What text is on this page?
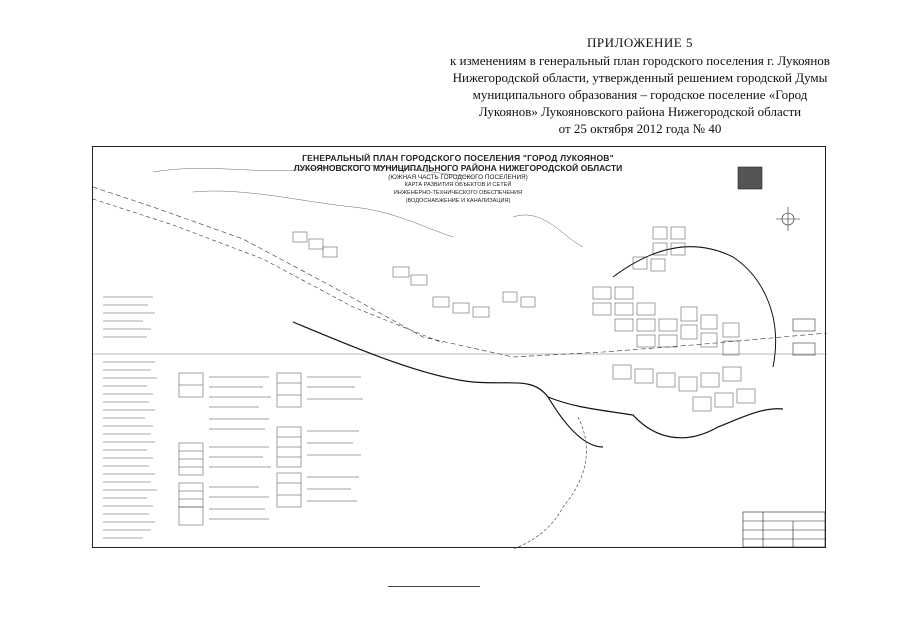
ПРИЛОЖЕНИЕ 5
к изменениям в генеральный план городского поселения г. Лукоянов
Нижегородской области, утвержденный решением городской Думы
муниципального образования – городское поселение «Город
Лукоянов» Лукояновского района Нижегородской области
от 25 октября 2012 года № 40
ГЕНЕРАЛЬНЫЙ ПЛАН ГОРОДСКОГО ПОСЕЛЕНИЯ "ГОРОД ЛУКОЯНОВ"
ЛУКОЯНОВСКОГО МУНИЦИПАЛЬНОГО РАЙОНА НИЖЕГОРОДСКОЙ ОБЛАСТИ
(ЮЖНАЯ ЧАСТЬ ГОРОДСКОГО ПОСЕЛЕНИЯ)
КАРТА РАЗВИТИЯ ОБЪЕКТОВ И СЕТЕЙ
ИНЖЕНЕРНО-ТЕХНИЧЕСКОГО ОБЕСПЕЧЕНИЯ
(ВОДОСНАБЖЕНИЕ И КАНАЛИЗАЦИЯ)
